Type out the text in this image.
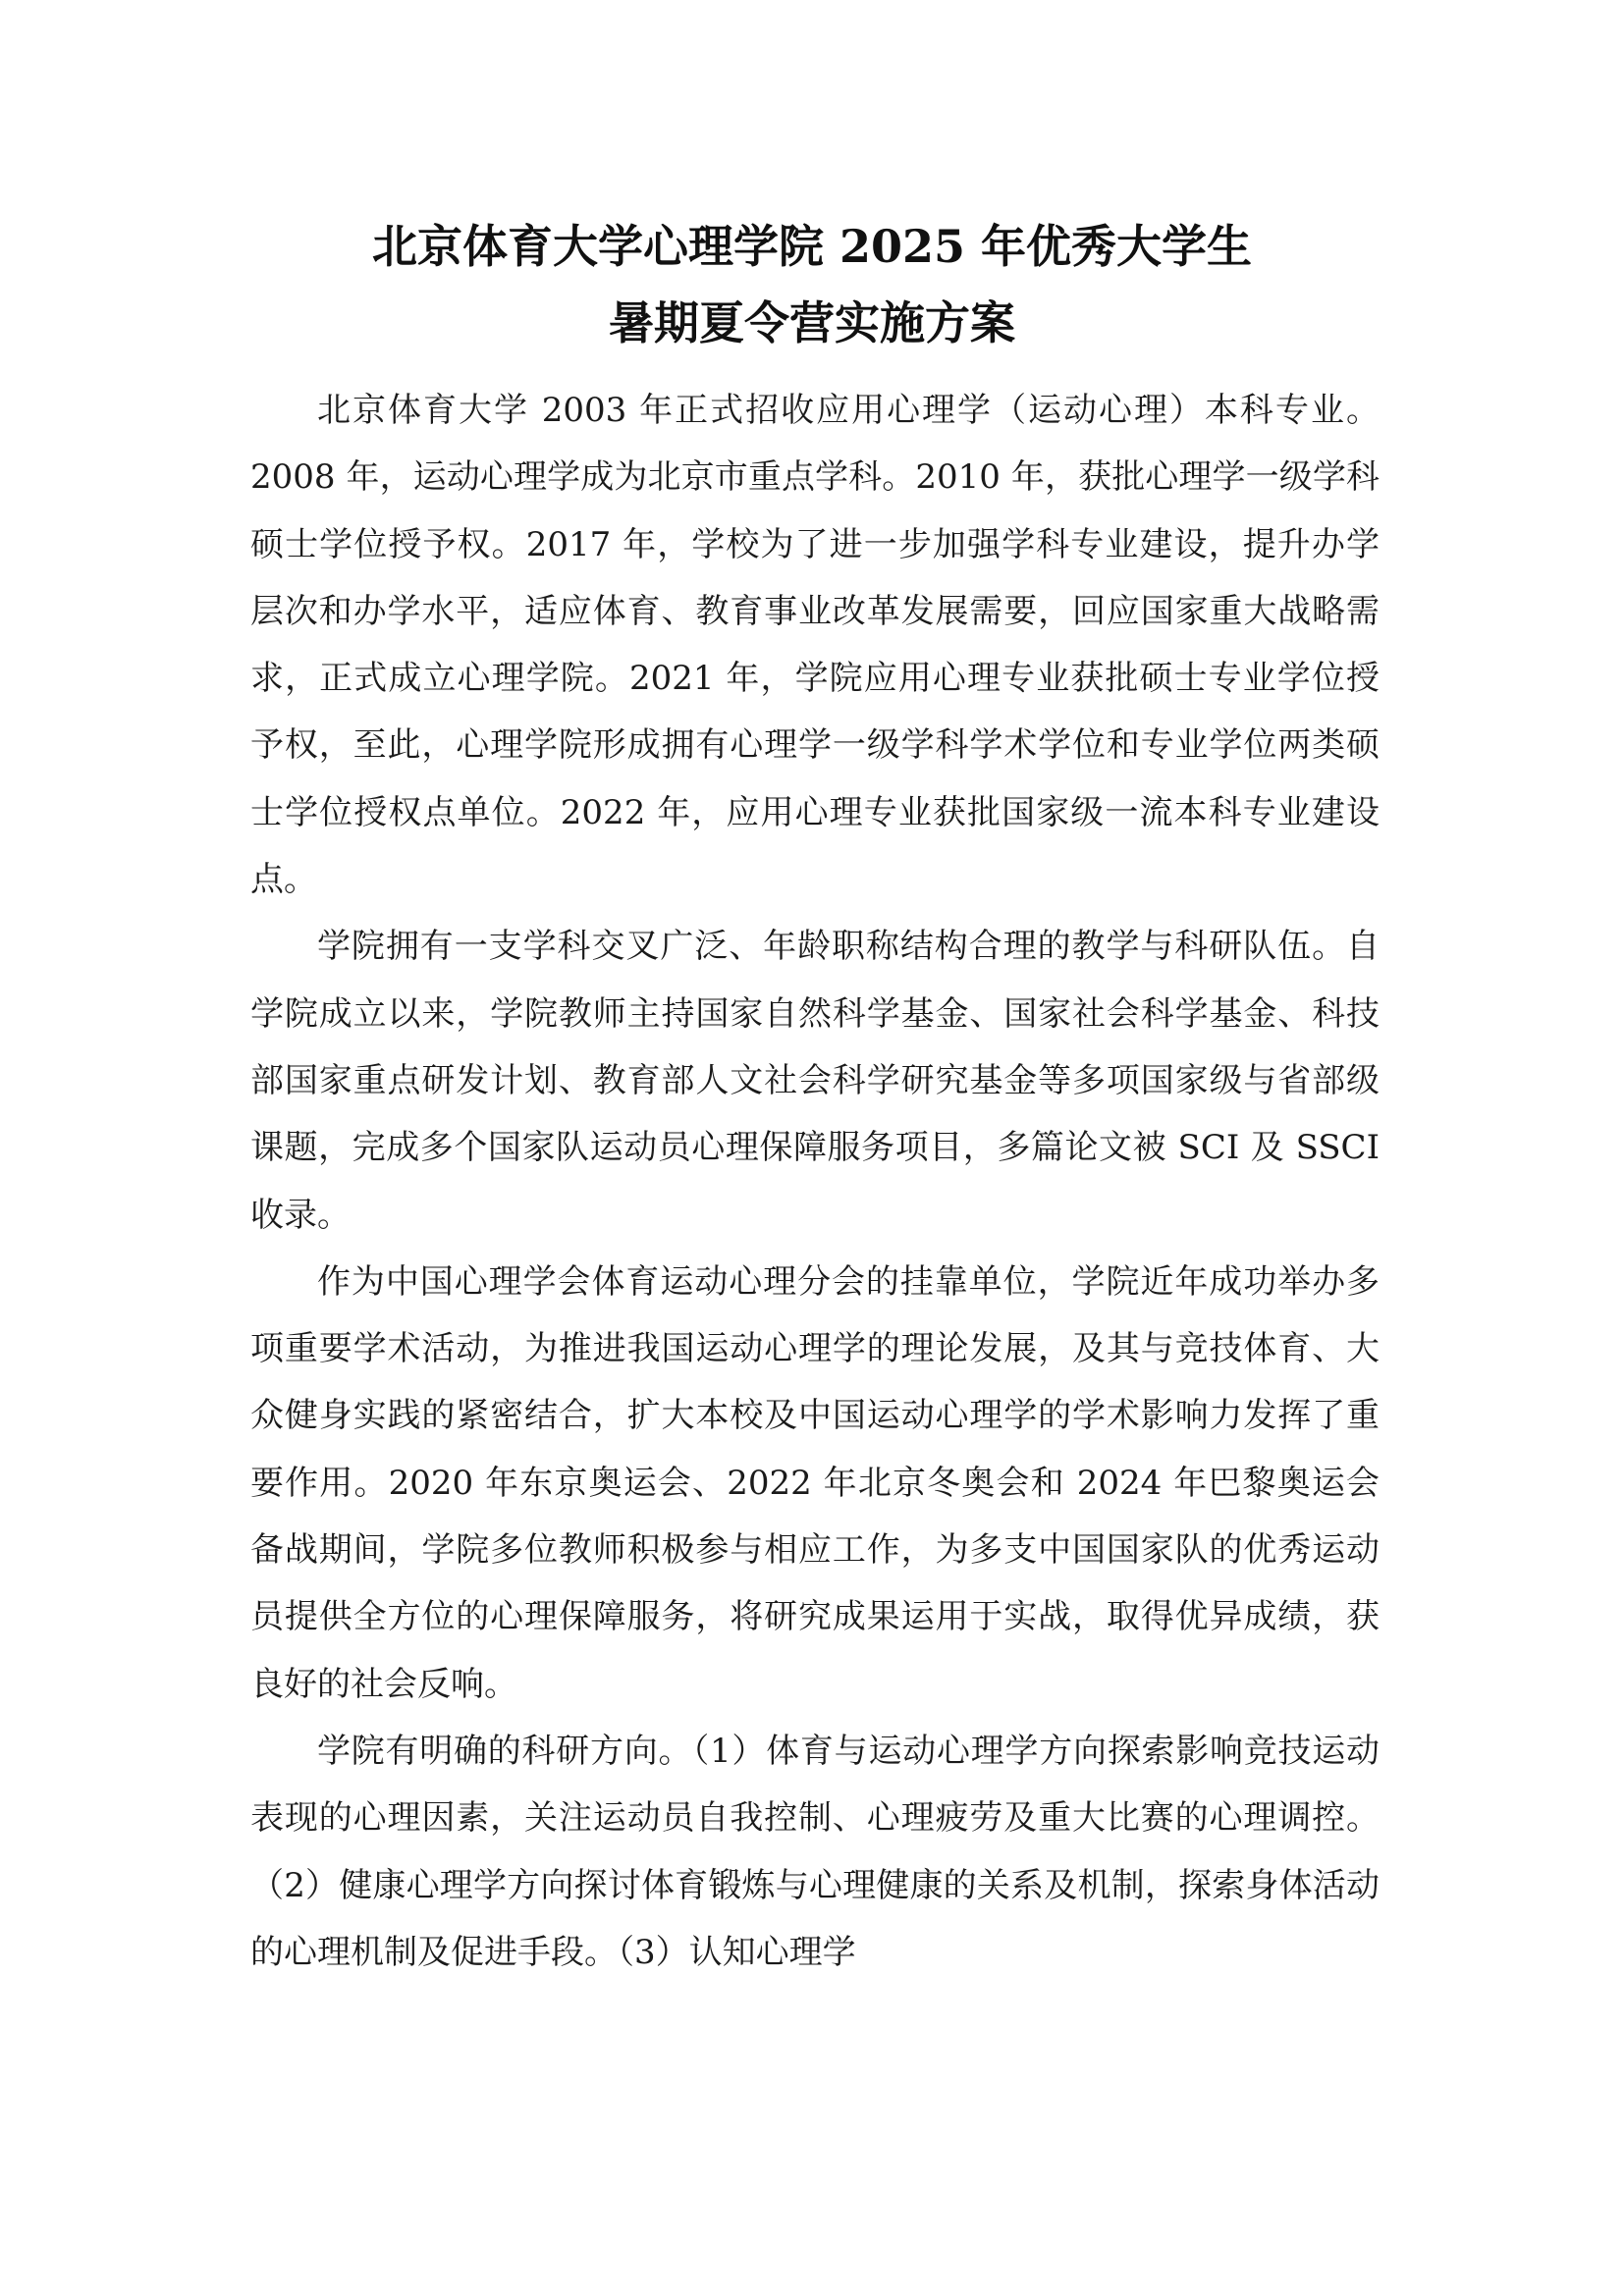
北京体育大学心理学院 2025 年优秀大学生
暑期夏令营实施方案

北京体育大学 2003 年正式招收应用心理学（运动心理）本科专业。2008 年，运动心理学成为北京市重点学科。2010 年，获批心理学一级学科硕士学位授予权。2017 年，学校为了进一步加强学科专业建设，提升办学层次和办学水平，适应体育、教育事业改革发展需要，回应国家重大战略需求，正式成立心理学院。2021 年，学院应用心理专业获批硕士专业学位授予权，至此，心理学院形成拥有心理学一级学科学术学位和专业学位两类硕士学位授权点单位。2022 年，应用心理专业获批国家级一流本科专业建设点。

学院拥有一支学科交叉广泛、年龄职称结构合理的教学与科研队伍。自学院成立以来，学院教师主持国家自然科学基金、国家社会科学基金、科技部国家重点研发计划、教育部人文社会科学研究基金等多项国家级与省部级课题，完成多个国家队运动员心理保障服务项目，多篇论文被 SCI 及 SSCI 收录。

作为中国心理学会体育运动心理分会的挂靠单位，学院近年成功举办多项重要学术活动，为推进我国运动心理学的理论发展，及其与竞技体育、大众健身实践的紧密结合，扩大本校及中国运动心理学的学术影响力发挥了重要作用。2020 年东京奥运会、2022 年北京冬奥会和 2024 年巴黎奥运会备战期间，学院多位教师积极参与相应工作，为多支中国国家队的优秀运动员提供全方位的心理保障服务，将研究成果运用于实战，取得优异成绩，获良好的社会反响。

学院有明确的科研方向。（1）体育与运动心理学方向探索影响竞技运动表现的心理因素，关注运动员自我控制、心理疲劳及重大比赛的心理调控。（2）健康心理学方向探讨体育锻炼与心理健康的关系及机制，探索身体活动的心理机制及促进手段。（3）认知心理学
